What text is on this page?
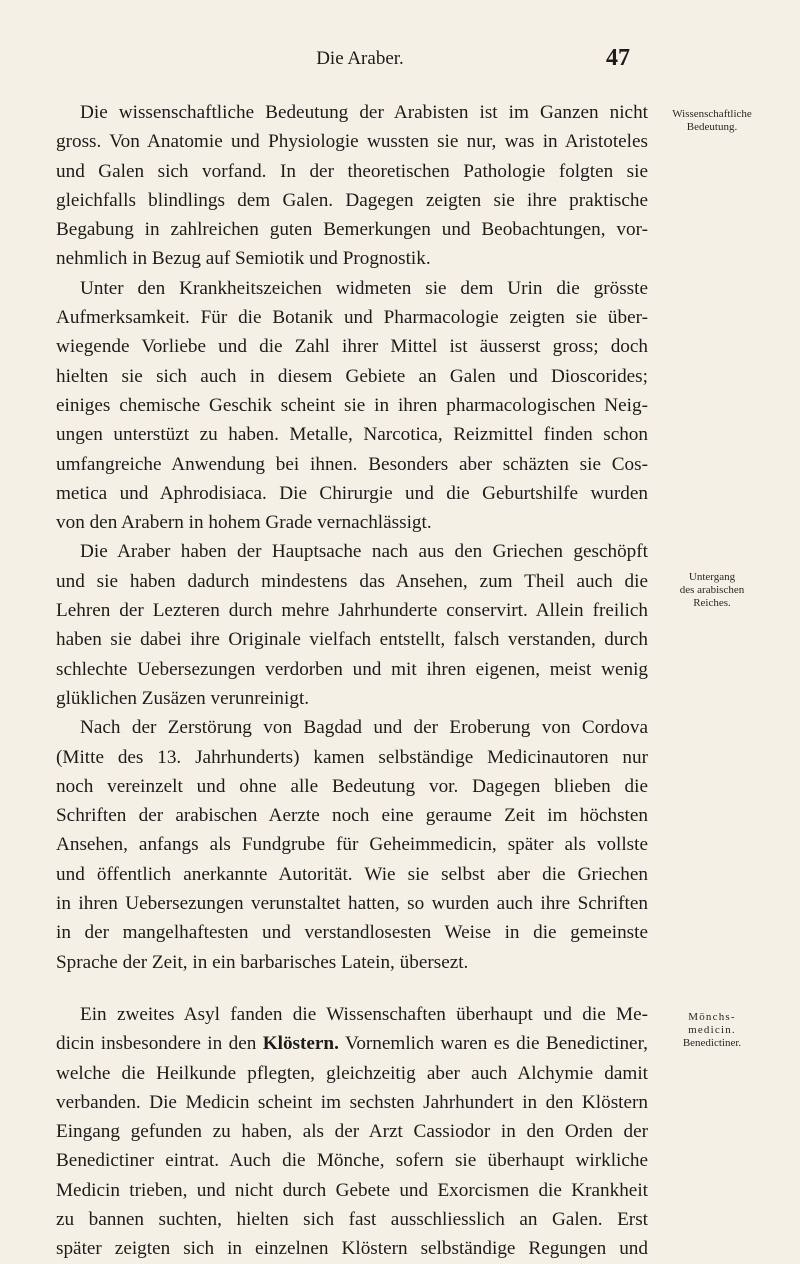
Die Araber.	47
Wissenschaftliche
Bedeutung.
Untergang
des arabischen
Reiches.
Mönchs-
medicin.
Benedictiner.
Die wissenschaftliche Bedeutung der Arabisten ist im Ganzen nicht
gross. Von Anatomie und Physiologie wussten sie nur, was in Aristoteles
und Galen sich vorfand. In der theoretischen Pathologie folgten sie
gleichfalls blindlings dem Galen. Dagegen zeigten sie ihre praktische
Begabung in zahlreichen guten Bemerkungen und Beobachtungen, vor-
nehmlich in Bezug auf Semiotik und Prognostik.
Unter den Krankheitszeichen widmeten sie dem Urin die grösste
Aufmerksamkeit. Für die Botanik und Pharmacologie zeigten sie über-
wiegende Vorliebe und die Zahl ihrer Mittel ist äusserst gross; doch
hielten sie sich auch in diesem Gebiete an Galen und Dioscorides;
einiges chemische Geschik scheint sie in ihren pharmacologischen Neig-
ungen unterstüzt zu haben. Metalle, Narcotica, Reizmittel finden schon
umfangreiche Anwendung bei ihnen. Besonders aber schäzten sie Cos-
metica und Aphrodisiaca. Die Chirurgie und die Geburtshilfe wurden
von den Arabern in hohem Grade vernachlässigt.
Die Araber haben der Hauptsache nach aus den Griechen geschöpft
und sie haben dadurch mindestens das Ansehen, zum Theil auch die
Lehren der Lezteren durch mehre Jahrhunderte conservirt. Allein freilich
haben sie dabei ihre Originale vielfach entstellt, falsch verstanden, durch
schlechte Uebersezungen verdorben und mit ihren eigenen, meist wenig
glüklichen Zusäzen verunreinigt.
Nach der Zerstörung von Bagdad und der Eroberung von Cordova
(Mitte des 13. Jahrhunderts) kamen selbständige Medicinautoren nur
noch vereinzelt und ohne alle Bedeutung vor. Dagegen blieben die
Schriften der arabischen Aerzte noch eine geraume Zeit im höchsten
Ansehen, anfangs als Fundgrube für Geheimmedicin, später als vollste
und öffentlich anerkannte Autorität. Wie sie selbst aber die Griechen
in ihren Uebersezungen verunstaltet hatten, so wurden auch ihre Schriften
in der mangelhaftesten und verstandlosesten Weise in die gemeinste
Sprache der Zeit, in ein barbarisches Latein, übersezt.
Ein zweites Asyl fanden die Wissenschaften überhaupt und die Me-
dicin insbesondere in den Klöstern. Vornemlich waren es die Benedictiner,
welche die Heilkunde pflegten, gleichzeitig aber auch Alchymie damit
verbanden. Die Medicin scheint im sechsten Jahrhundert in den Klöstern
Eingang gefunden zu haben, als der Arzt Cassiodor in den Orden der
Benedictiner eintrat. Auch die Mönche, sofern sie überhaupt wirkliche
Medicin trieben, und nicht durch Gebete und Exorcismen die Krankheit
zu bannen suchten, hielten sich fast ausschliesslich an Galen. Erst
später zeigten sich in einzelnen Klöstern selbständige Regungen und
